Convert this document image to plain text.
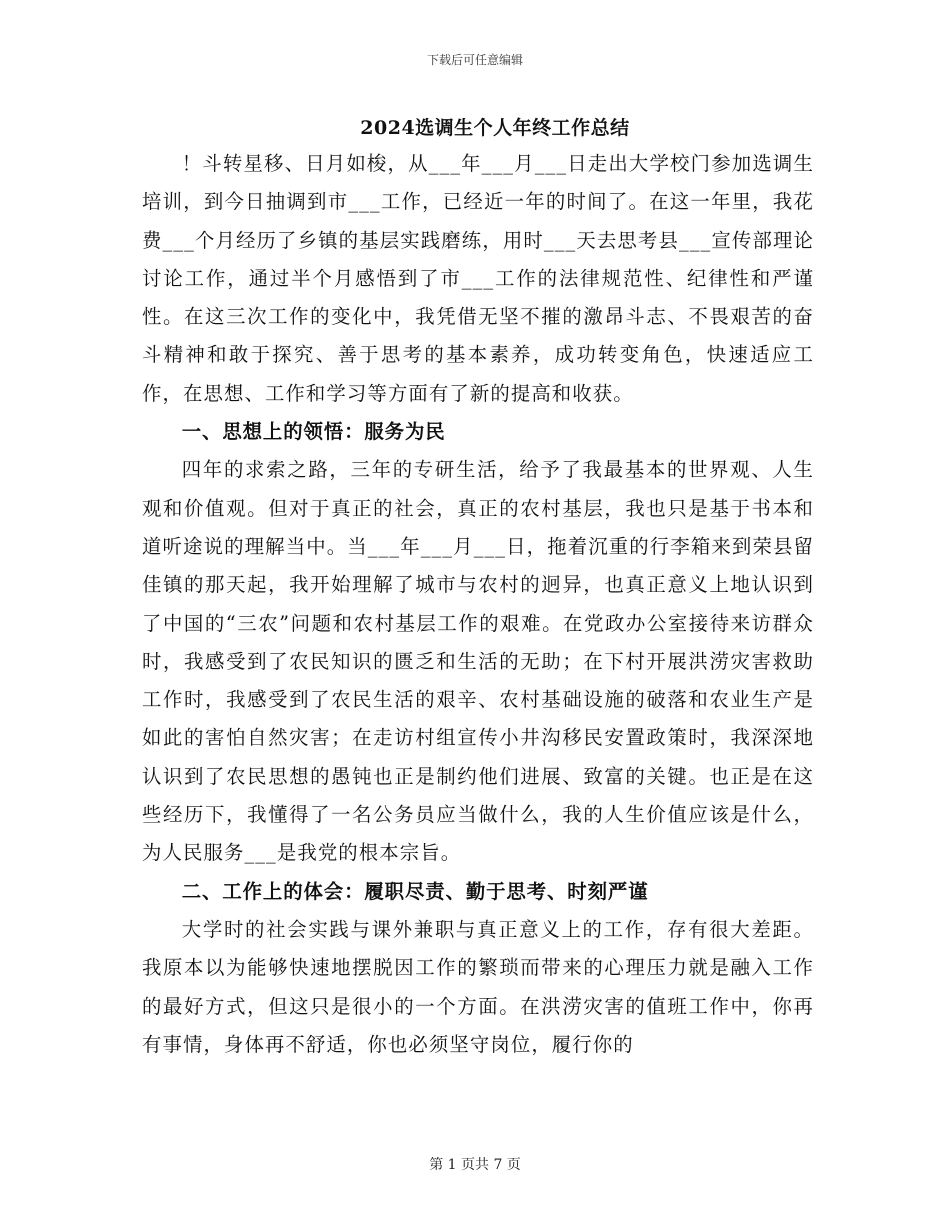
下载后可任意编辑
2024选调生个人年终工作总结

！斗转星移、日月如梭，从___年___月___日走出大学校门参加选调生培训，到今日抽调到市___工作，已经近一年的时间了。在这一年里，我花费___个月经历了乡镇的基层实践磨练，用时___天去思考县___宣传部理论讨论工作，通过半个月感悟到了市___工作的法律规范性、纪律性和严谨性。在这三次工作的变化中，我凭借无坚不摧的激昂斗志、不畏艰苦的奋斗精神和敢于探究、善于思考的基本素养，成功转变角色，快速适应工作，在思想、工作和学习等方面有了新的提高和收获。

一、思想上的领悟：服务为民

四年的求索之路，三年的专研生活，给予了我最基本的世界观、人生观和价值观。但对于真正的社会，真正的农村基层，我也只是基于书本和道听途说的理解当中。当___年___月___日，拖着沉重的行李箱来到荣县留佳镇的那天起，我开始理解了城市与农村的迥异，也真正意义上地认识到了中国的“三农”问题和农村基层工作的艰难。在党政办公室接待来访群众时，我感受到了农民知识的匮乏和生活的无助；在下村开展洪涝灾害救助工作时，我感受到了农民生活的艰辛、农村基础设施的破落和农业生产是如此的害怕自然灾害；在走访村组宣传小井沟移民安置政策时，我深深地认识到了农民思想的愚钝也正是制约他们进展、致富的关键。也正是在这些经历下，我懂得了一名公务员应当做什么，我的人生价值应该是什么，为人民服务___是我党的根本宗旨。

二、工作上的体会：履职尽责、勤于思考、时刻严谨

大学时的社会实践与课外兼职与真正意义上的工作，存有很大差距。我原本以为能够快速地摆脱因工作的繁琐而带来的心理压力就是融入工作的最好方式，但这只是很小的一个方面。在洪涝灾害的值班工作中，你再有事情，身体再不舒适，你也必须坚守岗位，履行你的

第 1 页共 7 页
